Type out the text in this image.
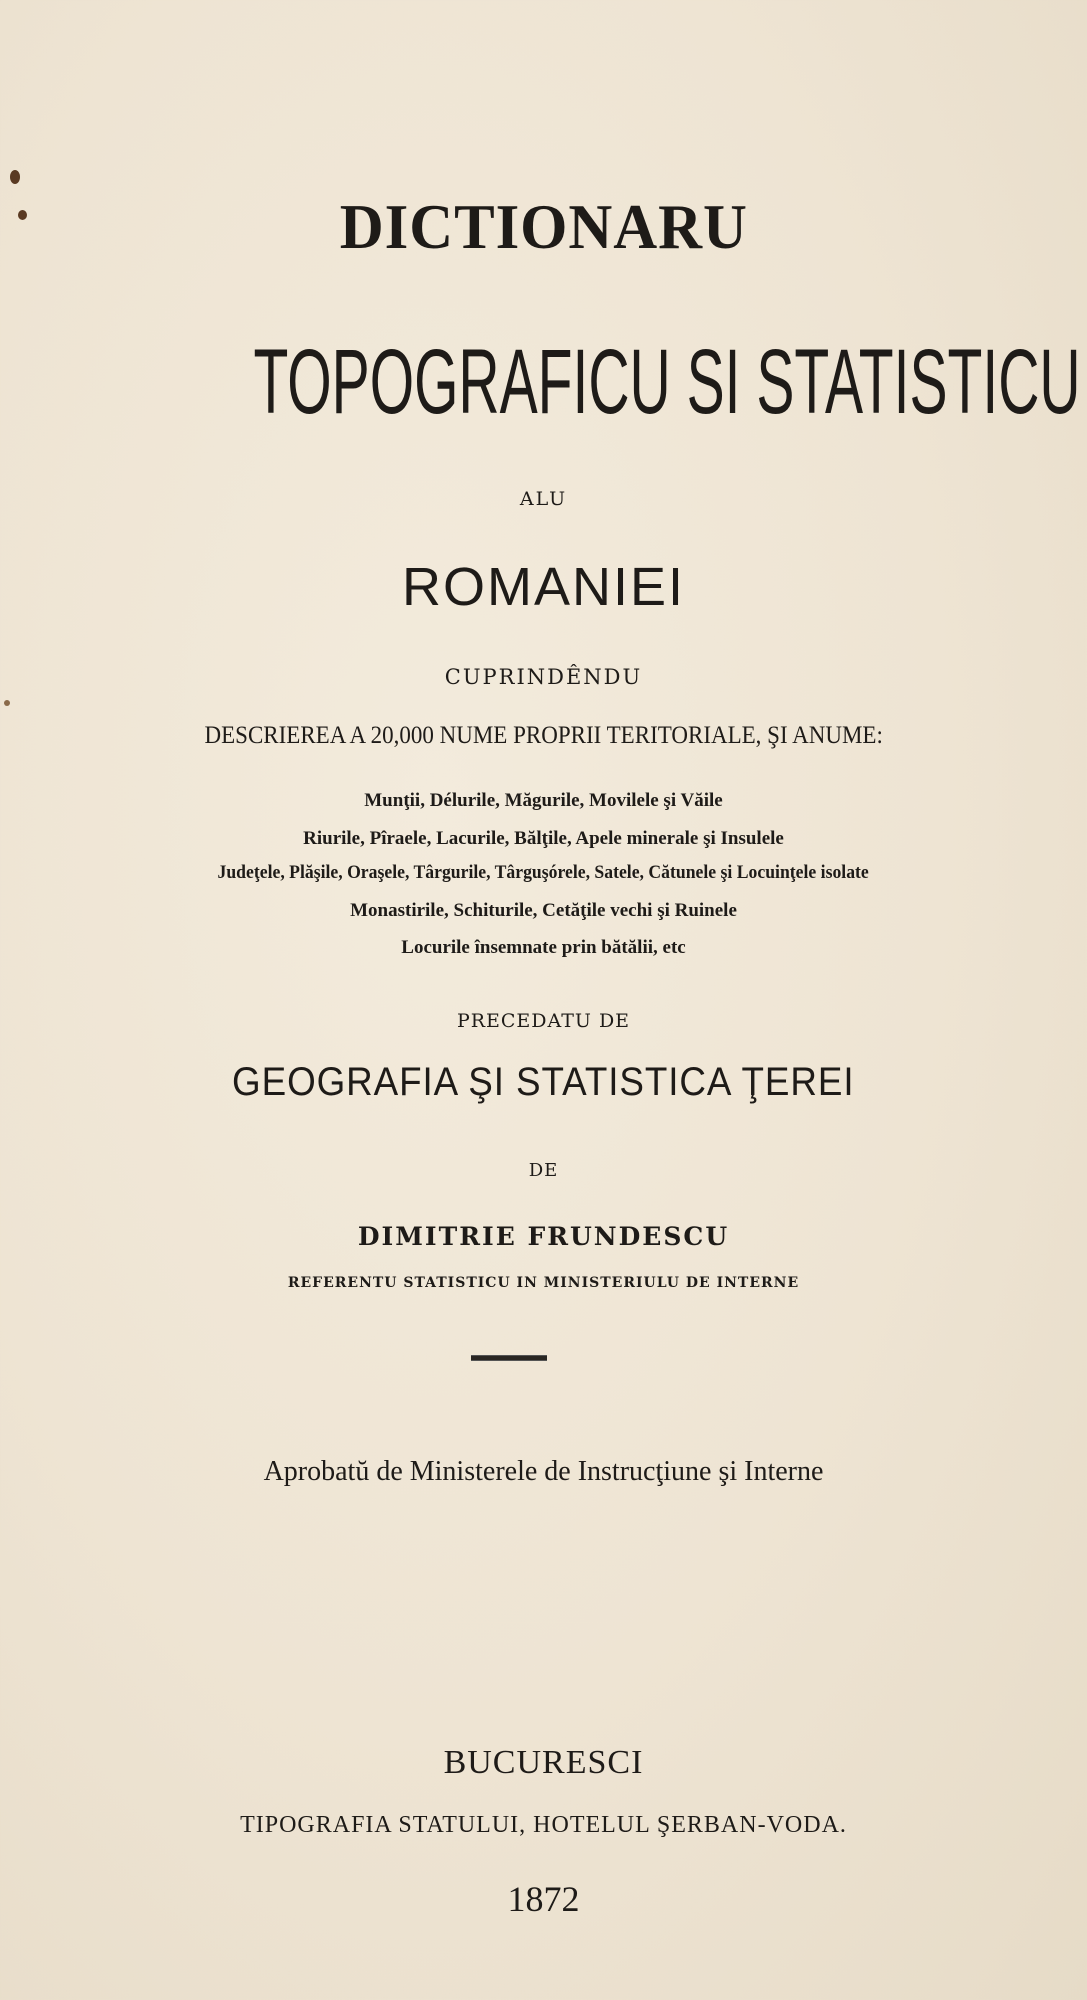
DICTIONARU

TOPOGRAFICU SI STATISTICU

ALU

ROMANIEI

CUPRINDÊNDU

DESCRIEREA A 20,000 NUME PROPRII TERITORIALE, ŞI ANUME:

Munţii, Délurile, Măgurile, Movilele şi Văile

Riurile, Pîraele, Lacurile, Bălţile, Apele minerale şi Insulele

Judeţele, Plăşile, Oraşele, Târgurile, Târguşórele, Satele, Cătunele şi Locuinţele isolate

Monastirile, Schiturile, Cetăţile vechi şi Ruinele

Locurile însemnate prin bătălii, etc

PRECEDATU DE

GEOGRAFIA ŞI STATISTICA ŢEREI

DE

DIMITRIE FRUNDESCU

REFERENTU STATISTICU IN MINISTERIULU DE INTERNE

Aprobatŭ de Ministerele de Instrucţiune şi Interne

BUCURESCI

TIPOGRAFIA STATULUI, HOTELUL ŞERBAN-VODA.

1872
